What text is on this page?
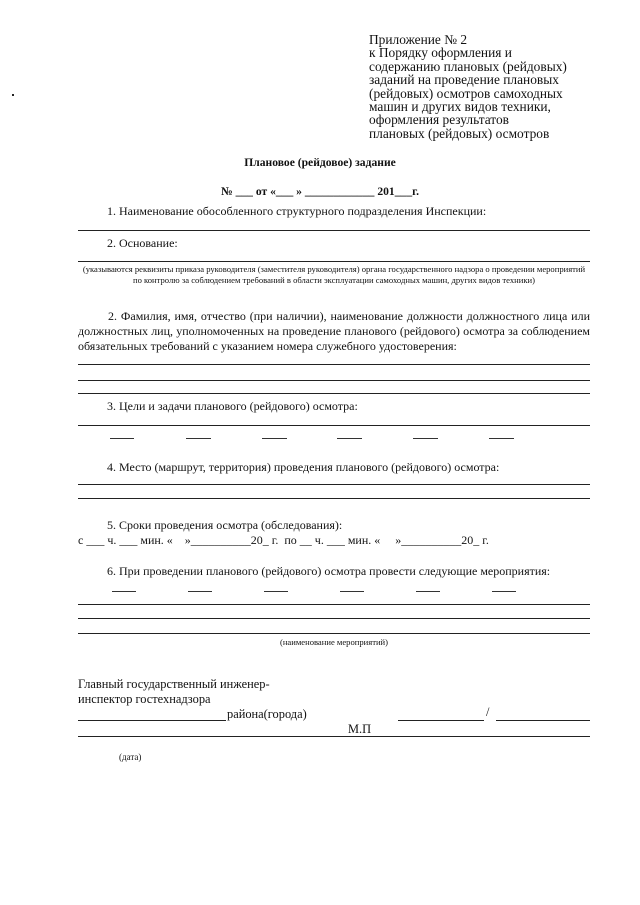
Приложение № 2
к Порядку оформления и
содержанию плановых (рейдовых)
заданий на проведение плановых
(рейдовых) осмотров самоходных
машин и других видов техники,
оформления результатов
плановых (рейдовых) осмотров
Плановое (рейдовое) задание
№ ___ от «___ » ____________ 201___г.
1. Наименование обособленного структурного подразделения Инспекции:
2. Основание:
(указываются реквизиты приказа руководителя (заместителя руководителя) органа государственного надзора о проведении мероприятий по контролю за соблюдением требований в области эксплуатации самоходных машин, других видов техники)
2. Фамилия, имя, отчество (при наличии), наименование должности должностного лица или должностных лиц, уполномоченных на проведение планового (рейдового) осмотра за соблюдением обязательных требований с указанием номера служебного удостоверения:
3. Цели и задачи планового (рейдового) осмотра:
4. Место (маршрут, территория) проведения планового (рейдового) осмотра:
5. Сроки проведения осмотра (обследования):
с ___ ч. ___ мин. «    »__________20_ г.  по __ ч. ___ мин. «     »__________20_ г.
6. При проведении планового (рейдового) осмотра провести следующие мероприятия:
(наименование мероприятий)
Главный государственный инженер-
инспектор гостехнадзора
района(города)	/
М.П
(дата)
